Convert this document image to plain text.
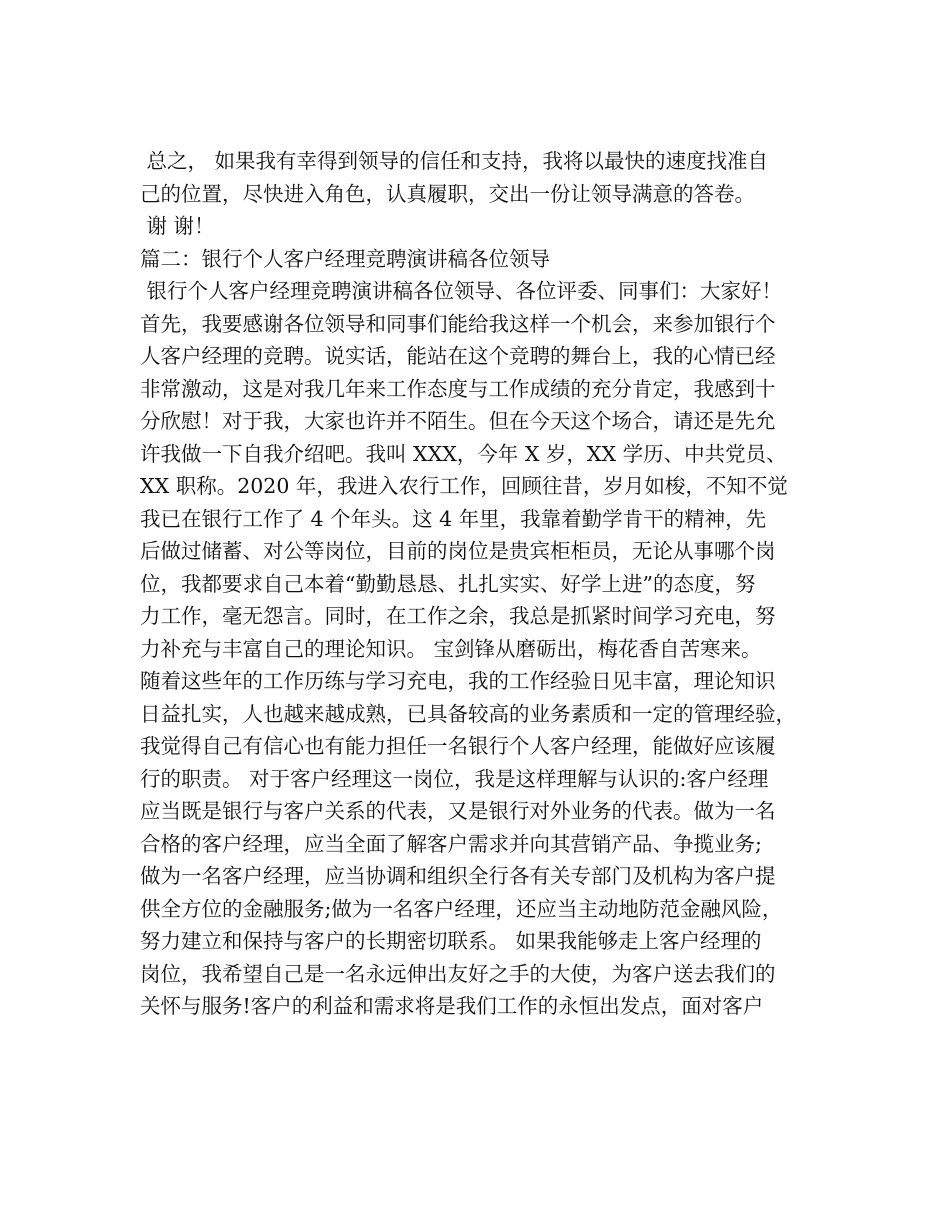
总之， 如果我有幸得到领导的信任和支持，我将以最快的速度找准自
己的位置，尽快进入角色，认真履职，交出一份让领导满意的答卷。
谢 谢！
篇二：银行个人客户经理竞聘演讲稿各位领导
银行个人客户经理竞聘演讲稿各位领导、各位评委、同事们：大家好！
首先，我要感谢各位领导和同事们能给我这样一个机会，来参加银行个
人客户经理的竞聘。说实话，能站在这个竞聘的舞台上，我的心情已经
非常激动，这是对我几年来工作态度与工作成绩的充分肯定，我感到十
分欣慰！对于我，大家也许并不陌生。但在今天这个场合，请还是先允
许我做一下自我介绍吧。我叫 XXX，今年 X 岁，XX 学历、中共党员、
XX 职称。2020 年，我进入农行工作，回顾往昔，岁月如梭，不知不觉
我已在银行工作了 4 个年头。这 4 年里，我靠着勤学肯干的精神，先
后做过储蓄、对公等岗位，目前的岗位是贵宾柜柜员，无论从事哪个岗
位，我都要求自己本着“勤勤恳恳、扎扎实实、好学上进”的态度，努
力工作，毫无怨言。同时，在工作之余，我总是抓紧时间学习充电，努
力补充与丰富自己的理论知识。 宝剑锋从磨砺出，梅花香自苦寒来。
随着这些年的工作历练与学习充电，我的工作经验日见丰富，理论知识
日益扎实，人也越来越成熟，已具备较高的业务素质和一定的管理经验，
我觉得自己有信心也有能力担任一名银行个人客户经理，能做好应该履
行的职责。 对于客户经理这一岗位，我是这样理解与认识的:客户经理
应当既是银行与客户关系的代表，又是银行对外业务的代表。做为一名
合格的客户经理，应当全面了解客户需求并向其营销产品、争揽业务;
做为一名客户经理，应当协调和组织全行各有关专部门及机构为客户提
供全方位的金融服务;做为一名客户经理，还应当主动地防范金融风险，
努力建立和保持与客户的长期密切联系。 如果我能够走上客户经理的
岗位，我希望自己是一名永远伸出友好之手的大使，为客户送去我们的
关怀与服务!客户的利益和需求将是我们工作的永恒出发点，面对客户
